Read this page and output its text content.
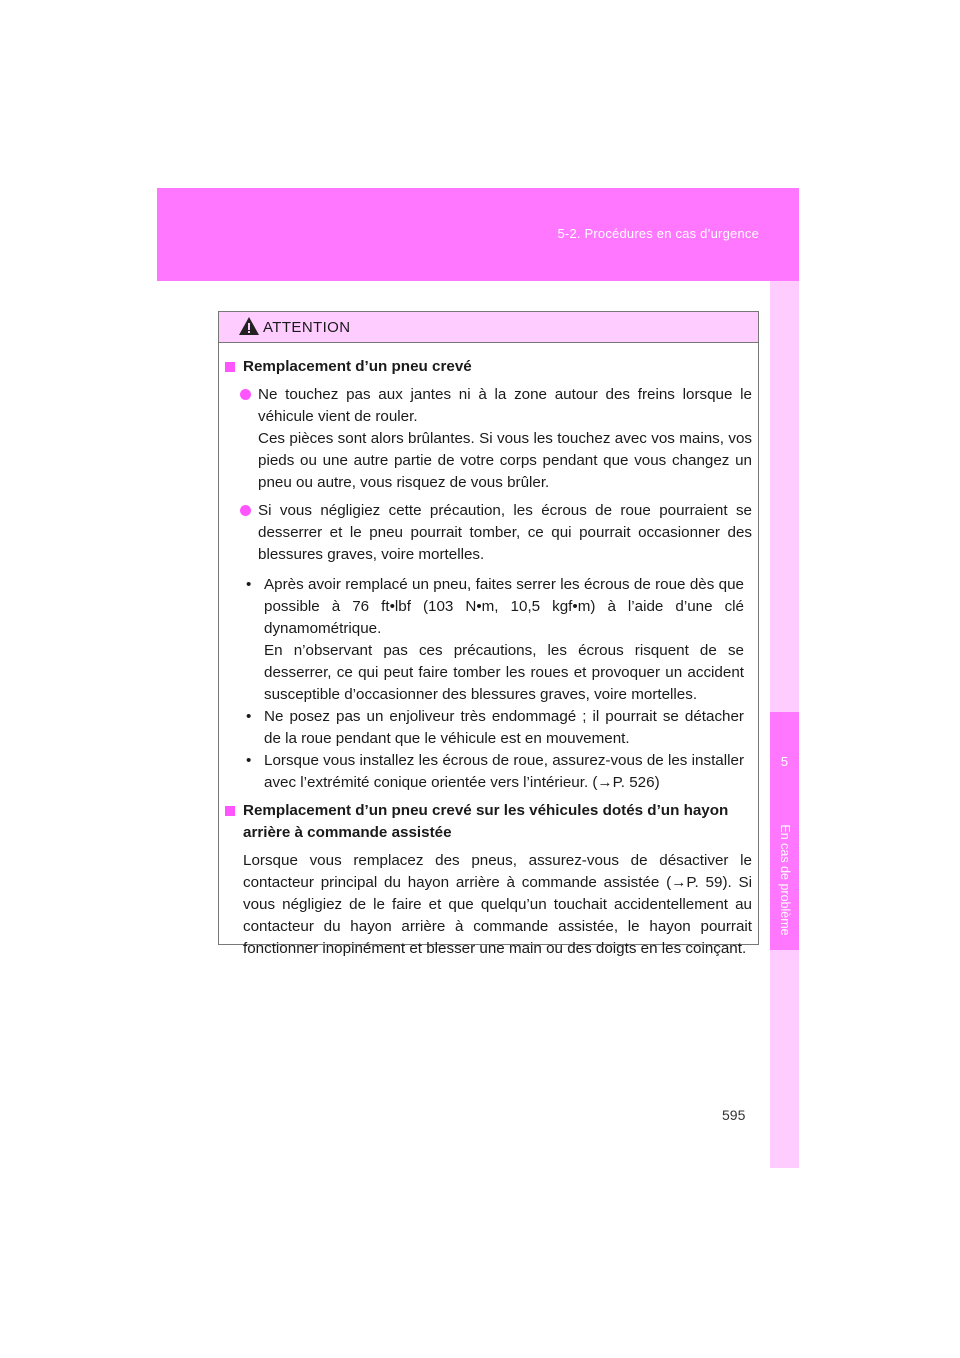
5-2. Procédures en cas d’urgence
5
En cas de problème
ATTENTION
Remplacement d’un pneu crevé
Ne touchez pas aux jantes ni à la zone autour des freins lorsque le véhicule vient de rouler.
Ces pièces sont alors brûlantes. Si vous les touchez avec vos mains, vos pieds ou une autre partie de votre corps pendant que vous changez un pneu ou autre, vous risquez de vous brûler.
Si vous négligiez cette précaution, les écrous de roue pourraient se desserrer et le pneu pourrait tomber, ce qui pourrait occasionner des blessures graves, voire mortelles.
• Après avoir remplacé un pneu, faites serrer les écrous de roue dès que possible à 76 ft•lbf (103 N•m, 10,5 kgf•m) à l’aide d’une clé dynamométrique.
En n’observant pas ces précautions, les écrous risquent de se desserrer, ce qui peut faire tomber les roues et provoquer un accident susceptible d’occasionner des blessures graves, voire mortelles.
• Ne posez pas un enjoliveur très endommagé ; il pourrait se détacher de la roue pendant que le véhicule est en mouvement.
• Lorsque vous installez les écrous de roue, assurez-vous de les installer avec l’extrémité conique orientée vers l’intérieur. (→P. 526)
Remplacement d’un pneu crevé sur les véhicules dotés d’un hayon arrière à commande assistée
Lorsque vous remplacez des pneus, assurez-vous de désactiver le contacteur principal du hayon arrière à commande assistée (→P. 59). Si vous négligiez de le faire et que quelqu’un touchait accidentellement au contacteur du hayon arrière à commande assistée, le hayon pourrait fonctionner inopinément et blesser une main ou des doigts en les coinçant.
595
